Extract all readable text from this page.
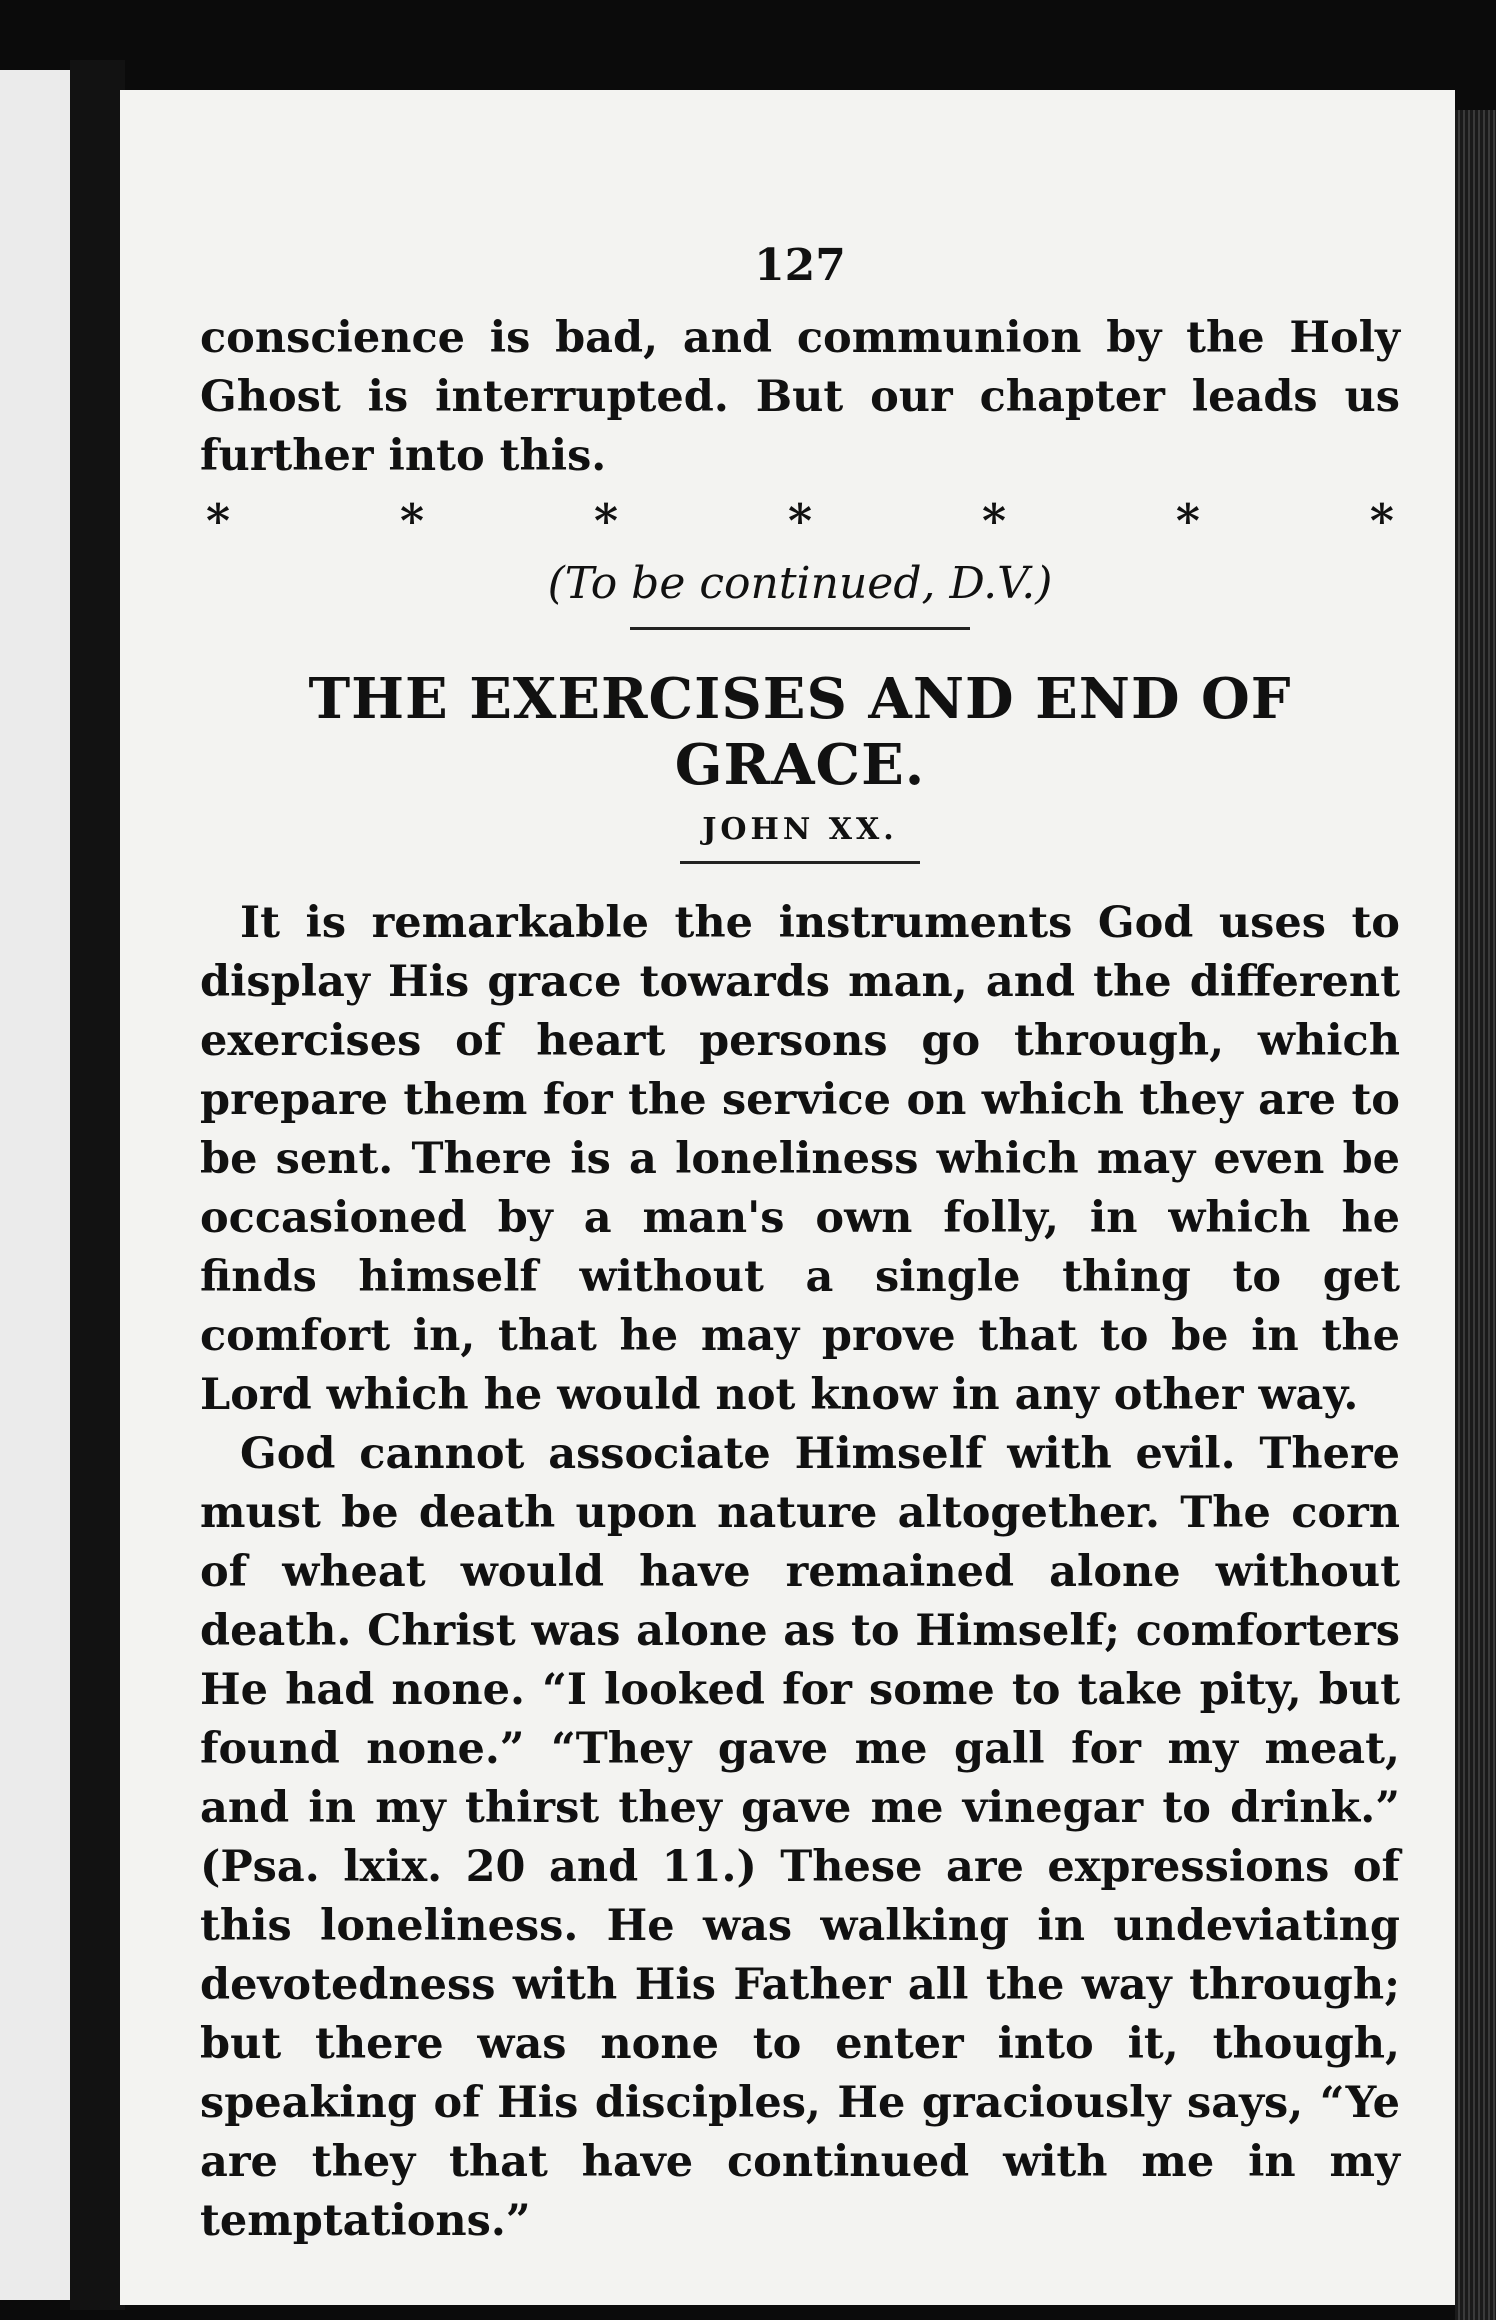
127

conscience is bad, and communion by the Holy Ghost is interrupted. But our chapter leads us further into this.

*	*	*	*	*	*	*
(To be continued, D.V.)
THE EXERCISES AND END OF GRACE.
JOHN XX.

It is remarkable the instruments God uses to display His grace towards man, and the different exercises of heart persons go through, which prepare them for the service on which they are to be sent. There is a loneliness which may even be occasioned by a man's own folly, in which he finds himself without a single thing to get comfort in, that he may prove that to be in the Lord which he would not know in any other way.

God cannot associate Himself with evil. There must be death upon nature altogether. The corn of wheat would have remained alone without death. Christ was alone as to Himself; comforters He had none. “I looked for some to take pity, but found none.” “They gave me gall for my meat, and in my thirst they gave me vinegar to drink.” (Psa. lxix. 20 and 11.) These are expressions of this loneliness. He was walking in undeviating devotedness with His Father all the way through; but there was none to enter into it, though, speaking of His disciples, He graciously says, “Ye are they that have continued with me in my temptations.”
